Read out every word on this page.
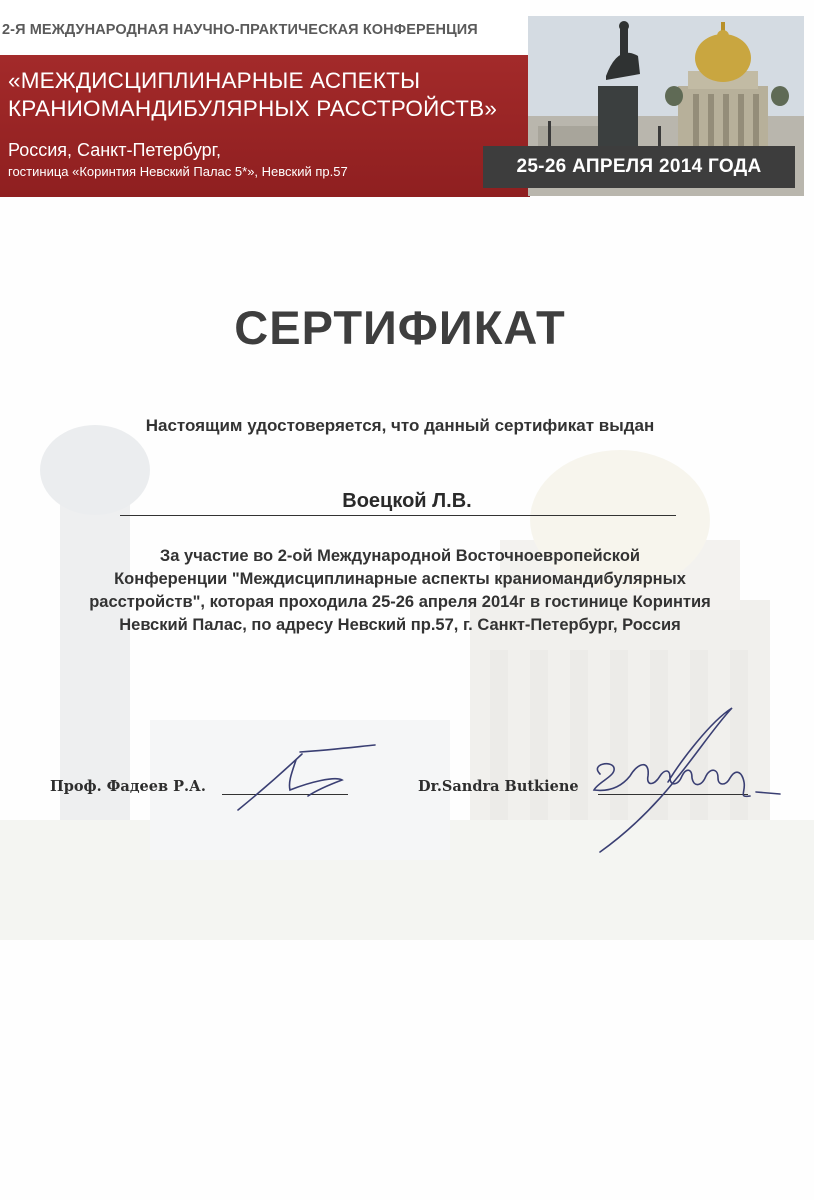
2-Я МЕЖДУНАРОДНАЯ НАУЧНО-ПРАКТИЧЕСКАЯ КОНФЕРЕНЦИЯ
«МЕЖДИСЦИПЛИНАРНЫЕ АСПЕКТЫ
КРАНИОМАНДИБУЛЯРНЫХ РАССТРОЙСТВ»
Россия, Санкт-Петербург,
гостиница «Коринтия Невский Палас 5*», Невский пр.57	25-26 АПРЕЛЯ 2014 ГОДА
СЕРТИФИКАТ
Настоящим удостоверяется, что данный сертификат выдан
Воецкой Л.В.
За участие во 2-ой Международной Восточноевропейской
Конференции "Междисциплинарные аспекты краниомандибулярных
расстройств", которая проходила 25-26 апреля 2014г в гостинице Коринтия
Невский Палас, по адресу Невский пр.57, г. Санкт-Петербург, Россия
Проф. Фадеев Р.А.	Dr.Sandra Butkiene
